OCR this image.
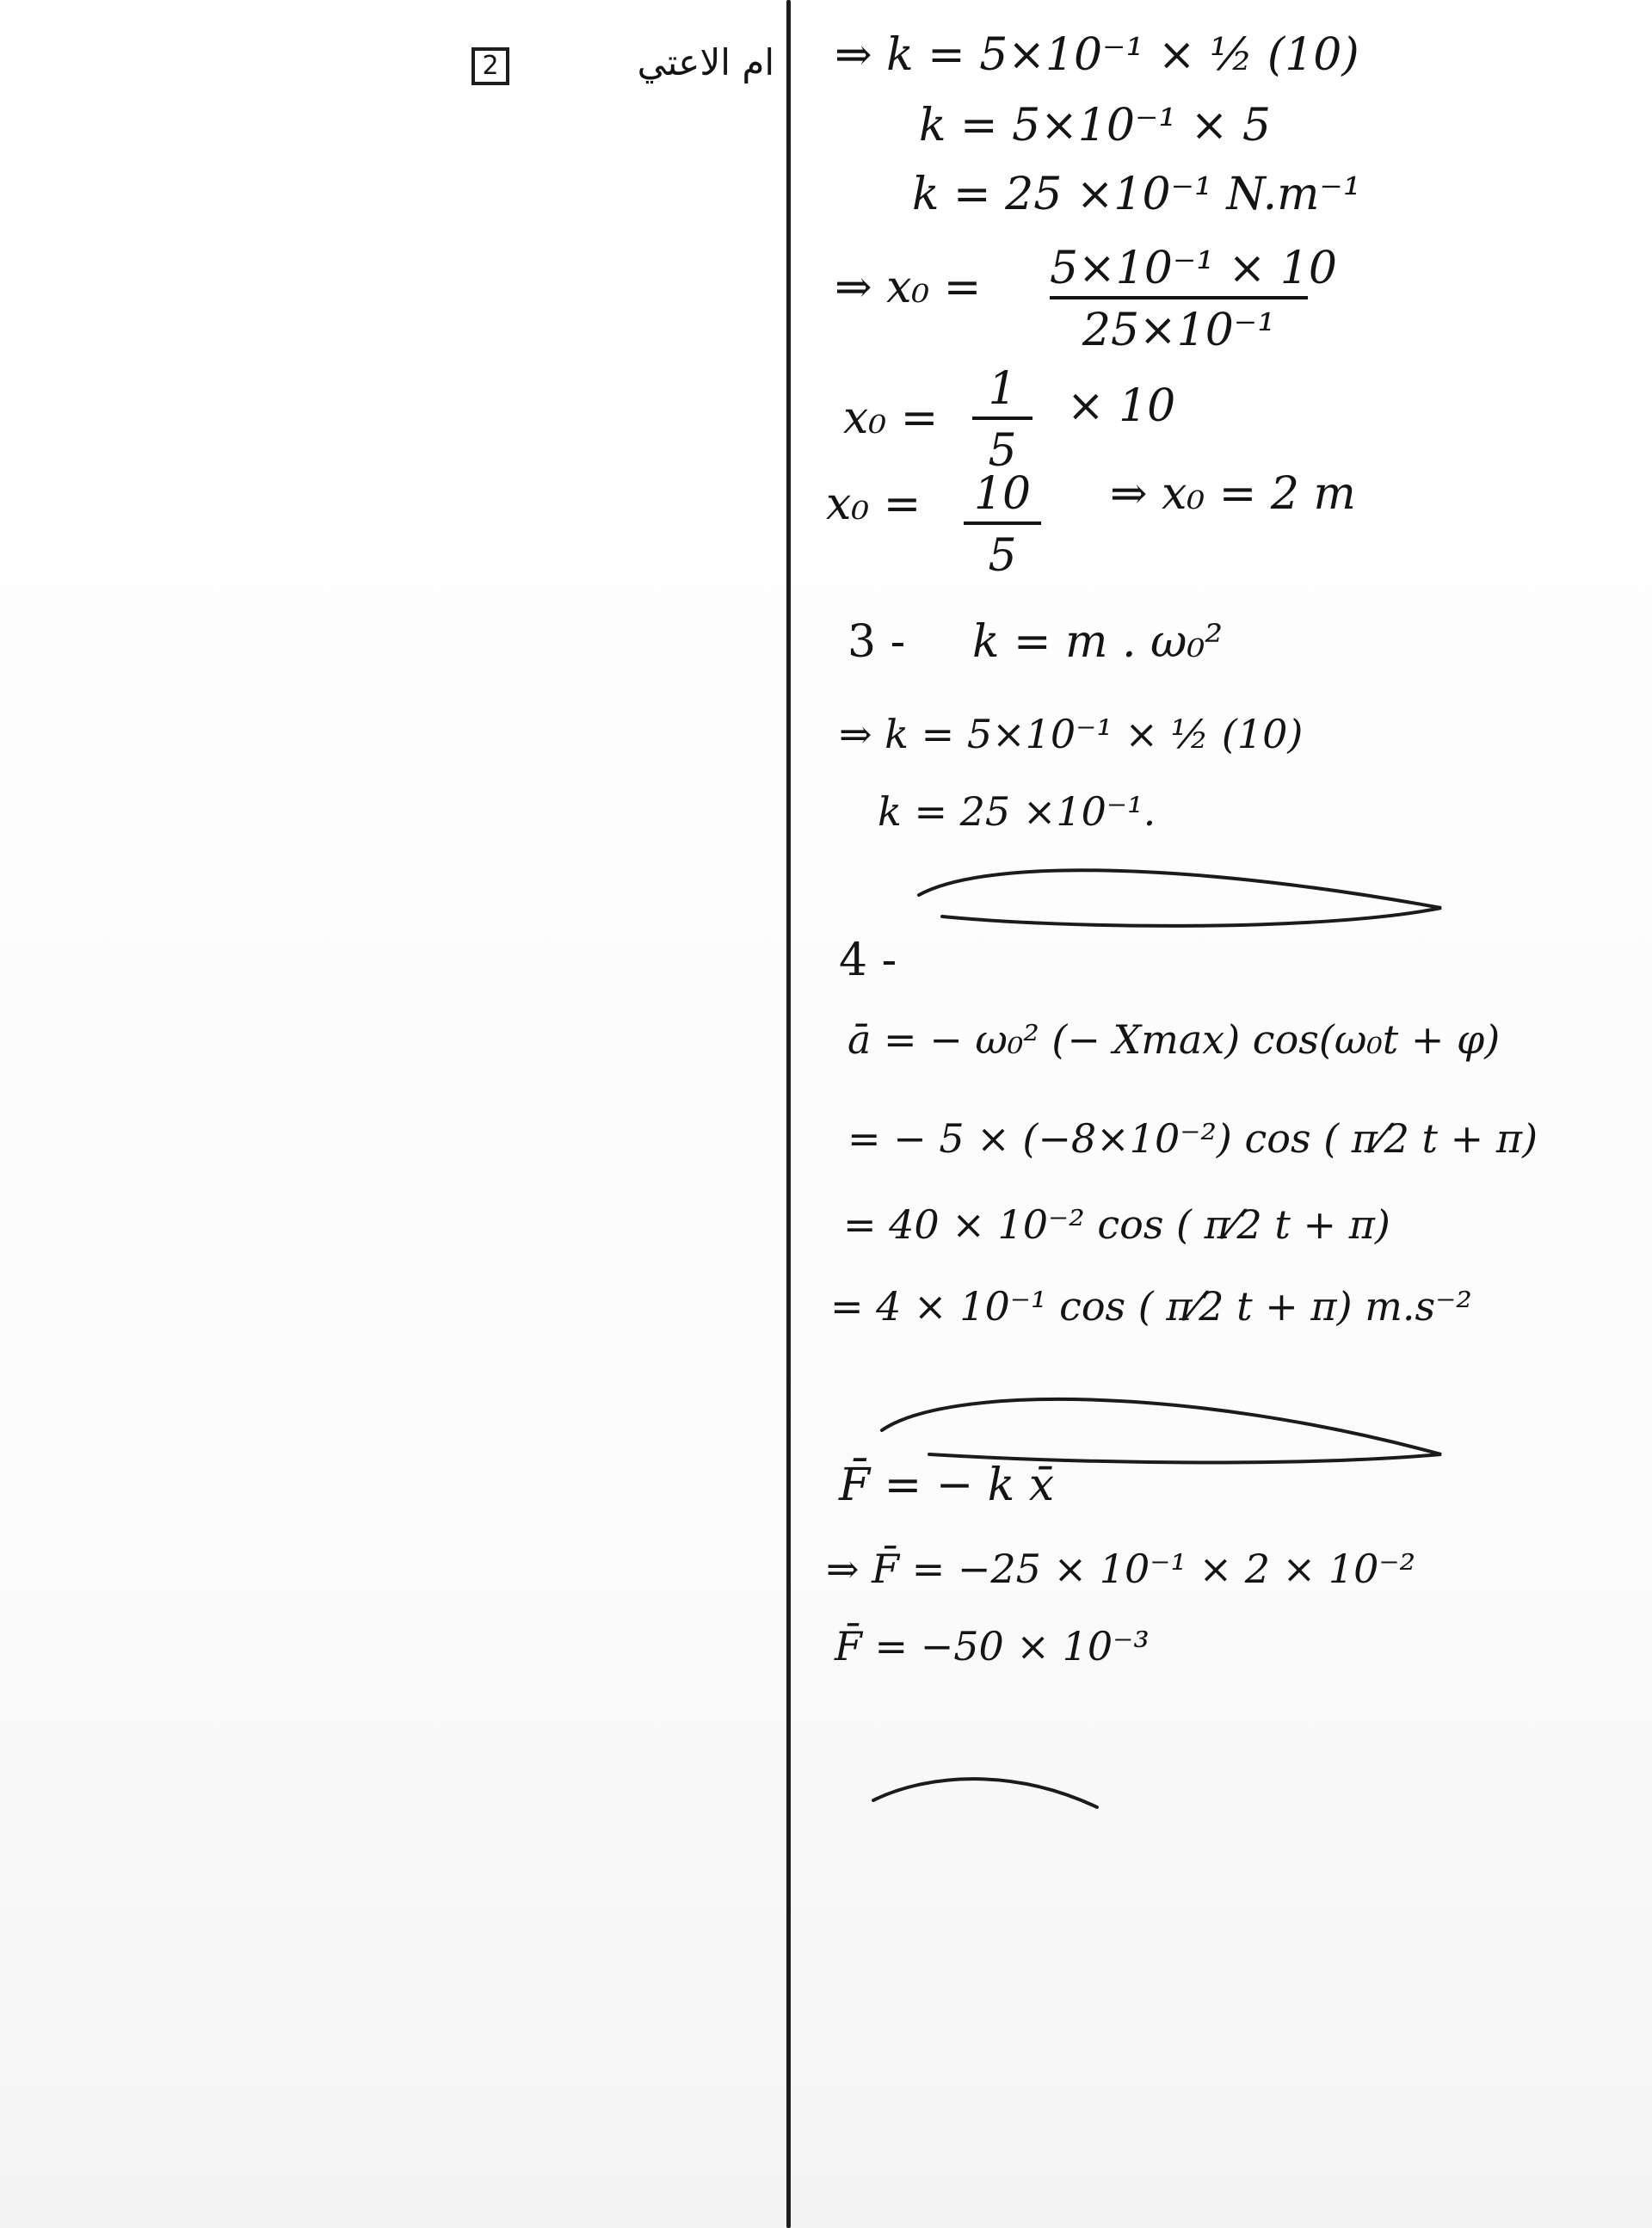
2	ام الاعتي ⇒ k = 5×10⁻¹ × ½ (10)
k = 5×10⁻¹ × 5
k = 25 ×10⁻¹ N.m⁻¹
⇒ x₀ = 5×10⁻¹ × 10
25×10⁻¹
x₀ =
1
5
× 10
x₀ = 10
5
⇒ x₀ = 2 m
3 - k = m . ω₀²
⇒ k = 5×10⁻¹ × ½ (10)
k = 25 ×10⁻¹.
4 -
ā = − ω₀² (− Xmax) cos(ω₀t + φ)
= − 5 × (−8×10⁻²) cos ( π⁄2 t + π)
= 40 × 10⁻² cos ( π⁄2 t + π)
= 4 × 10⁻¹ cos ( π⁄2 t + π) m.s⁻²
F̄ = − k x̄
⇒ F̄ = −25 × 10⁻¹ × 2 × 10⁻²
F̄ = −50 × 10⁻³
